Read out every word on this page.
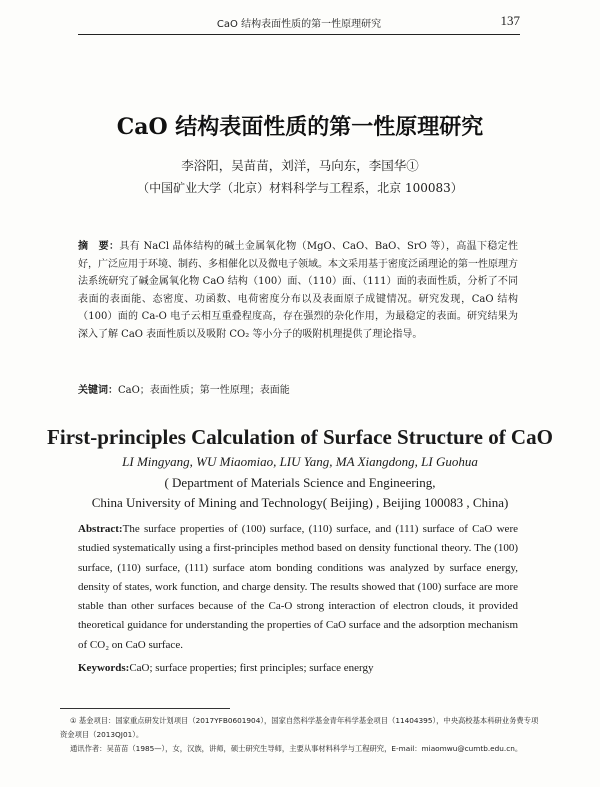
CaO 结构表面性质的第一性原理研究	137
CaO 结构表面性质的第一性原理研究
李浴阳，吴苗苗，刘洋，马向东，李国华①
（中国矿业大学（北京）材料科学与工程系，北京 100083）
摘　要：具有 NaCl 晶体结构的碱土金属氧化物（MgO、CaO、BaO、SrO 等），高温下稳定性好，广泛应用于环境、制药、多相催化以及微电子领域。本文采用基于密度泛函理论的第一性原理方法系统研究了碱金属氧化物 CaO 结构（100）面、（110）面、（111）面的表面性质，分析了不同表面的表面能、态密度、功函数、电荷密度分布以及表面原子成键情况。研究发现，CaO 结构（100）面的 Ca-O 电子云相互重叠程度高，存在强烈的杂化作用，为最稳定的表面。研究结果为深入了解 CaO 表面性质以及吸附 CO₂ 等小分子的吸附机理提供了理论指导。
关键词：CaO；表面性质；第一性原理；表面能
First-principles Calculation of Surface Structure of CaO
LI Mingyang, WU Miaomiao, LIU Yang, MA Xiangdong, LI Guohua
( Department of Materials Science and Engineering,
China University of Mining and Technology( Beijing) , Beijing 100083 , China)
Abstract:The surface properties of (100) surface, (110) surface, and (111) surface of CaO were studied systematically using a first-principles method based on density functional theory. The (100) surface, (110) surface, (111) surface atom bonding conditions was analyzed by surface energy, density of states, work function, and charge density. The results showed that (100) surface are more stable than other surfaces because of the Ca-O strong interaction of electron clouds, it provided theoretical guidance for understanding the properties of CaO surface and the adsorption mechanism of CO₂ on CaO surface.
Keywords:CaO; surface properties; first principles; surface energy
① 基金项目：国家重点研发计划项目（2017YFB0601904），国家自然科学基金青年科学基金项目（11404395），中央高校基本科研业务费专项资金项目（2013QJ01）。
通讯作者：吴苗苗（1985—），女，汉族，讲师，硕士研究生导师，主要从事材料科学与工程研究，E-mail：miaomwu@cumtb.edu.cn。
